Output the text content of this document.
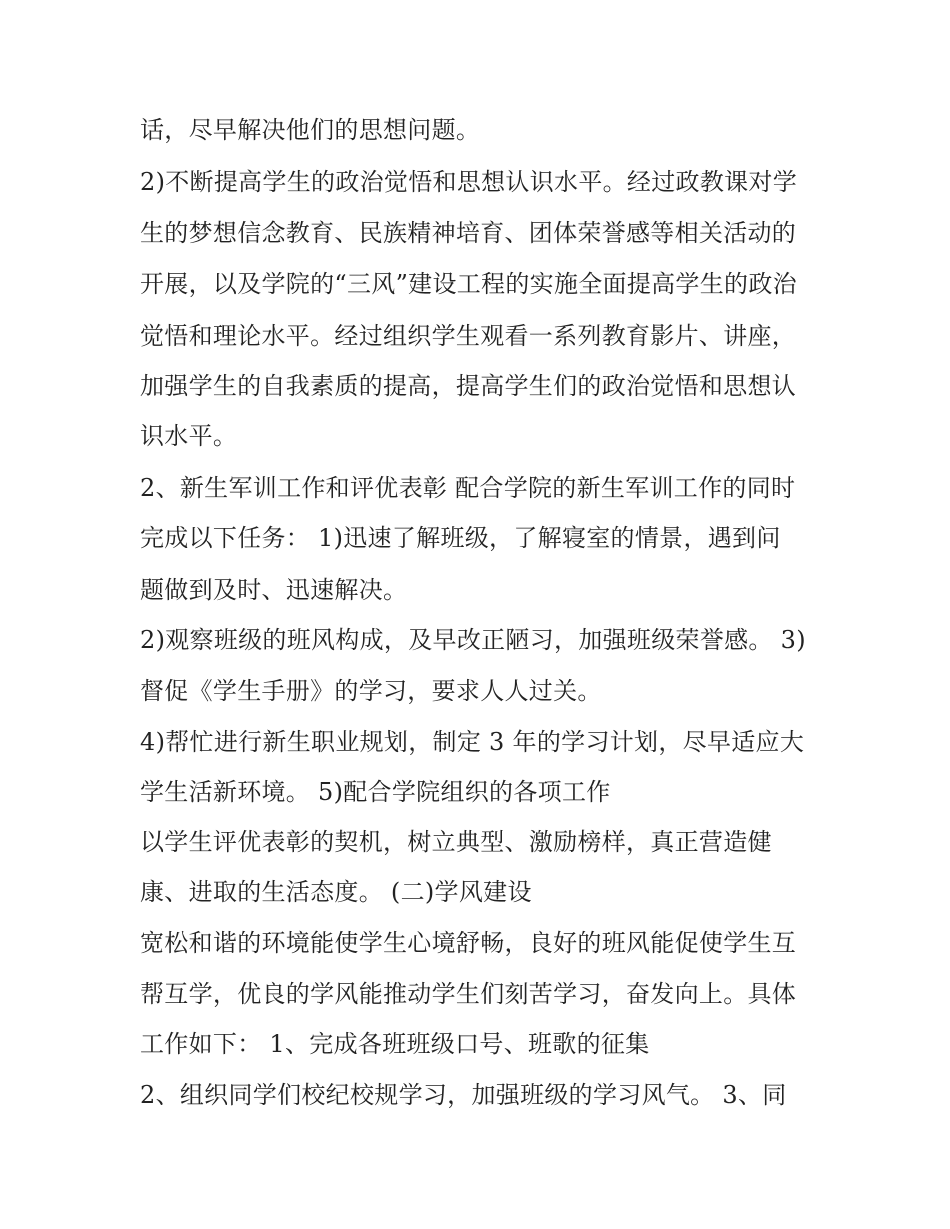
话，尽早解决他们的思想问题。
2)不断提高学生的政治觉悟和思想认识水平。经过政教课对学
生的梦想信念教育、民族精神培育、团体荣誉感等相关活动的
开展，以及学院的“三风”建设工程的实施全面提高学生的政治
觉悟和理论水平。经过组织学生观看一系列教育影片、讲座，
加强学生的自我素质的提高，提高学生们的政治觉悟和思想认
识水平。
2、新生军训工作和评优表彰 配合学院的新生军训工作的同时
完成以下任务： 1)迅速了解班级，了解寝室的情景，遇到问
题做到及时、迅速解决。
2)观察班级的班风构成，及早改正陋习，加强班级荣誉感。 3)
督促《学生手册》的学习，要求人人过关。
4)帮忙进行新生职业规划，制定 3 年的学习计划，尽早适应大
学生活新环境。 5)配合学院组织的各项工作
以学生评优表彰的契机，树立典型、激励榜样，真正营造健
康、进取的生活态度。 (二)学风建设
宽松和谐的环境能使学生心境舒畅，良好的班风能促使学生互
帮互学，优良的学风能推动学生们刻苦学习，奋发向上。具体
工作如下： 1、完成各班班级口号、班歌的征集
2、组织同学们校纪校规学习，加强班级的学习风气。 3、同
